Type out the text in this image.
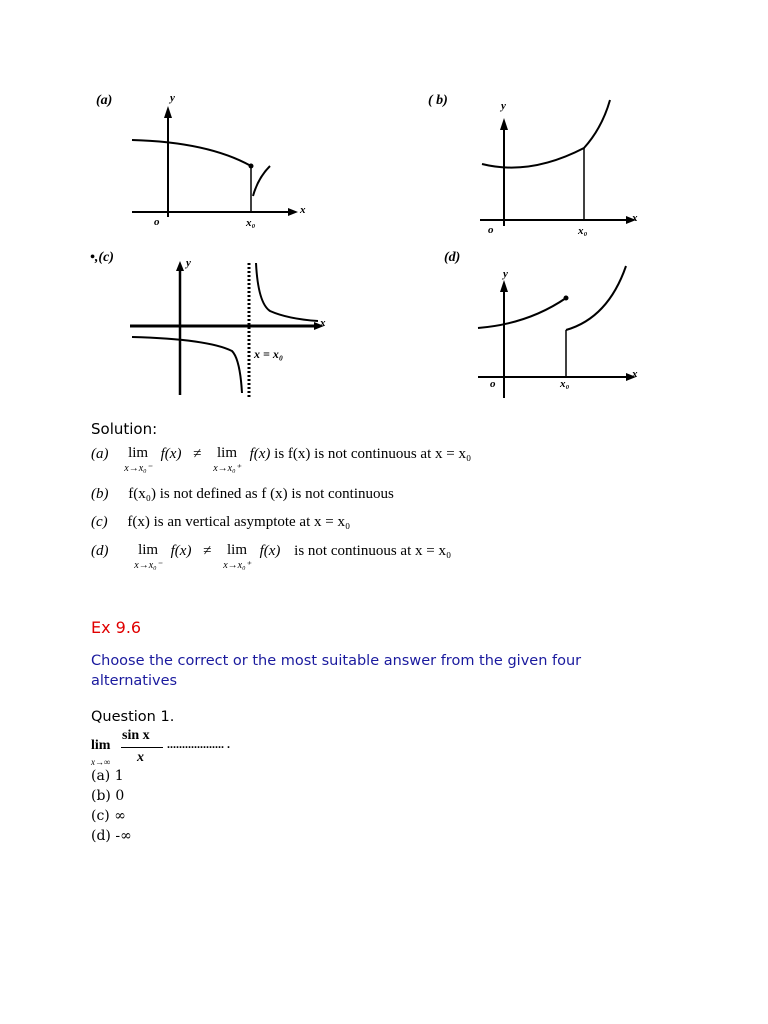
(a)	y
x
o	x₀
( b)	y
x
o	x₀
•,(c)	y
x
x = x₀
(d)
y
x
o	x₀
Solution:
(a) lim
x→x₀⁻
f(x) ≠ lim
x→x₀⁺
f(x) is f(x) is not continuous at x = x₀
(b) f(x₀) is not defined as f (x) is not continuous
(c) f(x) is an vertical asymptote at x = x₀
(d) lim
x→x₀⁻
f(x) ≠ lim
x→x₀⁺
f(x) is not continuous at x = x₀
Ex 9.6
Choose the correct or the most suitable answer from the given four alternatives
Question 1.
lim
x→∞
sin x
x
................... .
(a) 1
(b) 0
(c) ∞
(d) -∞
